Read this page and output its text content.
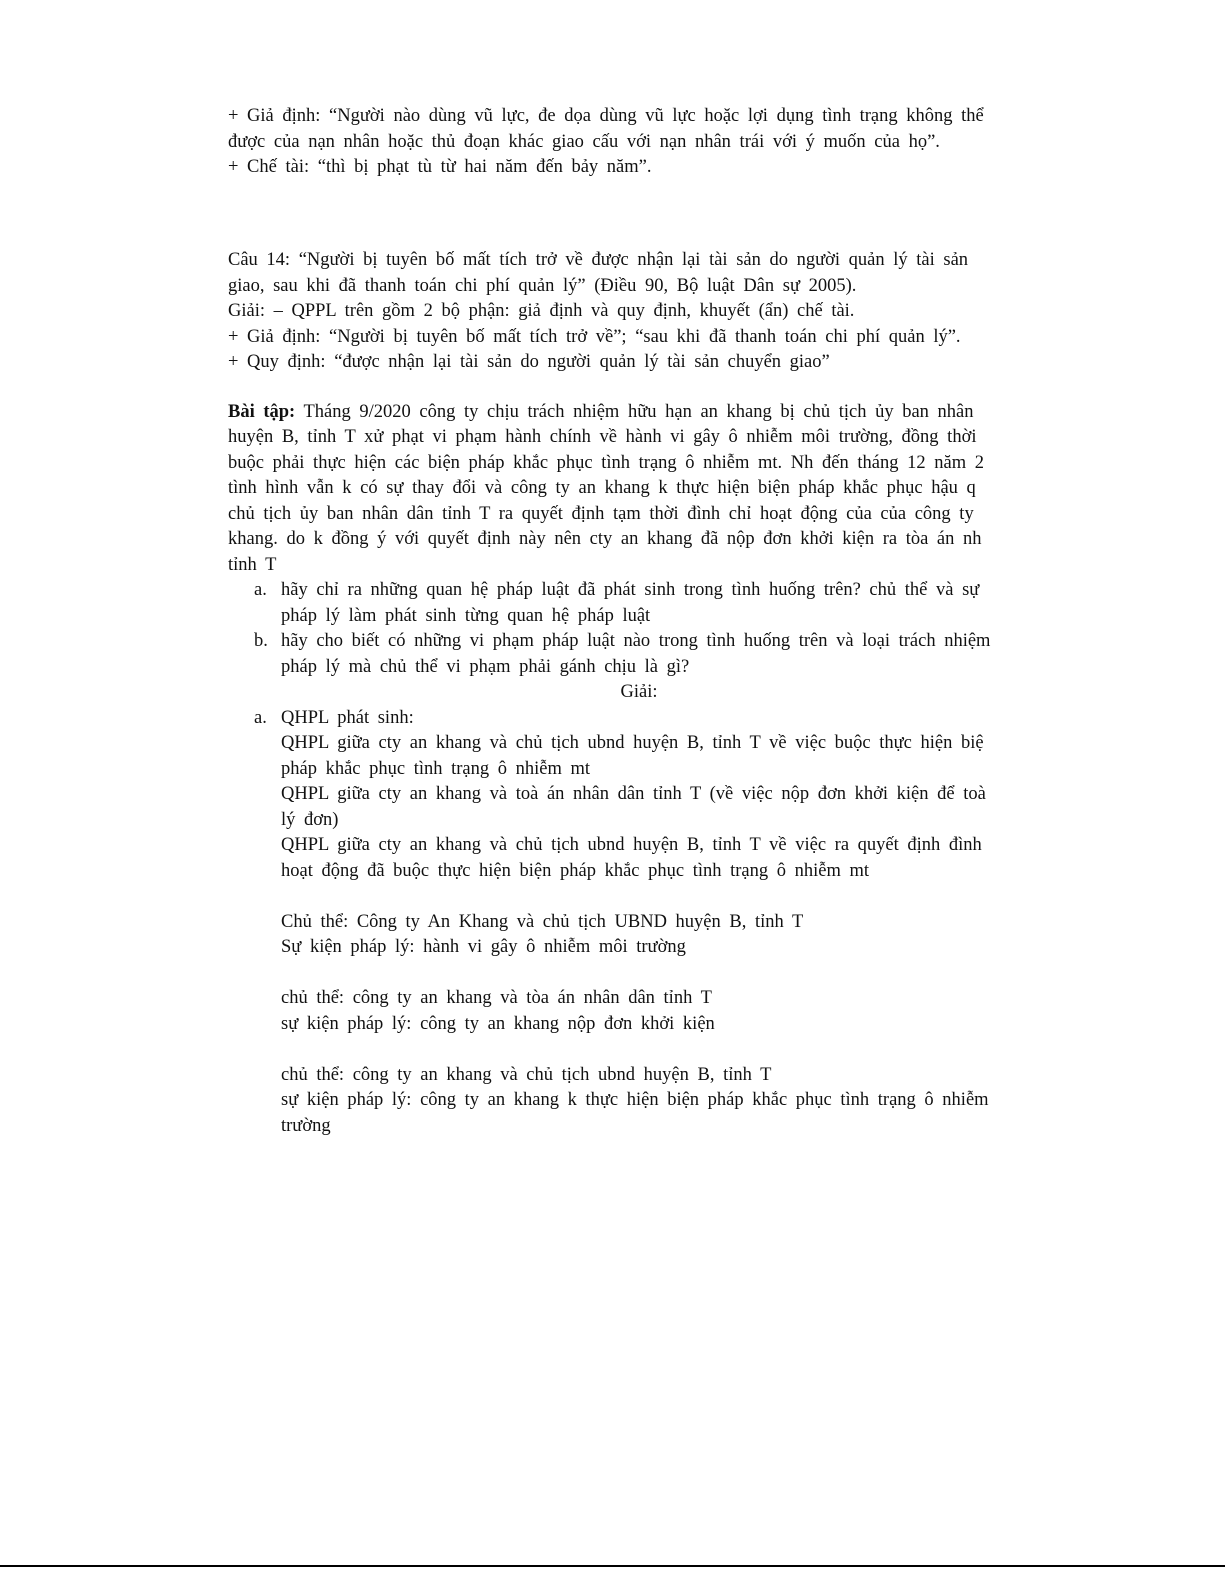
+ Giả định: “Người nào dùng vũ lực, đe dọa dùng vũ lực hoặc lợi dụng tình trạng không thể
được của nạn nhân hoặc thủ đoạn khác giao cấu với nạn nhân trái với ý muốn của họ”.
+ Chế tài: “thì bị phạt tù từ hai năm đến bảy năm”.
Câu 14: “Người bị tuyên bố mất tích trở về được nhận lại tài sản do người quản lý tài sản
giao, sau khi đã thanh toán chi phí quản lý” (Điều 90, Bộ luật Dân sự 2005).
Giải: – QPPL trên gồm 2 bộ phận: giả định và quy định, khuyết (ẩn) chế tài.
+ Giả định: “Người bị tuyên bố mất tích trở về”; “sau khi đã thanh toán chi phí quản lý”.
+ Quy định: “được nhận lại tài sản do người quản lý tài sản chuyển giao”
Bài tập: Tháng 9/2020 công ty chịu trách nhiệm hữu hạn an khang bị chủ tịch ủy ban nhân
huyện B, tỉnh T xử phạt vi phạm hành chính về hành vi gây ô nhiễm môi trường, đồng thời
buộc phải thực hiện các biện pháp khắc phục tình trạng ô nhiễm mt. Nh đến tháng 12 năm 2
tình hình vẫn k có sự thay đổi và công ty an khang k thực hiện biện pháp khắc phục hậu q
chủ tịch ủy ban nhân dân tỉnh T ra quyết định tạm thời đình chỉ hoạt động của của công ty
khang. do k đồng ý với quyết định này nên cty an khang đã nộp đơn khởi kiện ra tòa án nh
tỉnh T
a. hãy chỉ ra những quan hệ pháp luật đã phát sinh trong tình huống trên? chủ thể và sự
pháp lý làm phát sinh từng quan hệ pháp luật
b. hãy cho biết có những vi phạm pháp luật nào trong tình huống trên và loại trách nhiệm
pháp lý mà chủ thể vi phạm phải gánh chịu là gì?
Giải:
a. QHPL phát sinh:
QHPL giữa cty an khang và chủ tịch ubnd huyện B, tỉnh T về việc buộc thực hiện biệ
pháp khắc phục tình trạng ô nhiễm mt
QHPL giữa cty an khang và toà án nhân dân tỉnh T (về việc nộp đơn khởi kiện để toà
lý đơn)
QHPL giữa cty an khang và chủ tịch ubnd huyện B, tỉnh T về việc ra quyết định đình
hoạt động đã buộc thực hiện biện pháp khắc phục tình trạng ô nhiễm mt
Chủ thể: Công ty An Khang và chủ tịch UBND huyện B, tỉnh T
Sự kiện pháp lý: hành vi gây ô nhiễm môi trường
chủ thể: công ty an khang và tòa án nhân dân tỉnh T
sự kiện pháp lý: công ty an khang nộp đơn khởi kiện
chủ thể: công ty an khang và chủ tịch ubnd huyện B, tỉnh T
sự kiện pháp lý: công ty an khang k thực hiện biện pháp khắc phục tình trạng ô nhiễm
trường
